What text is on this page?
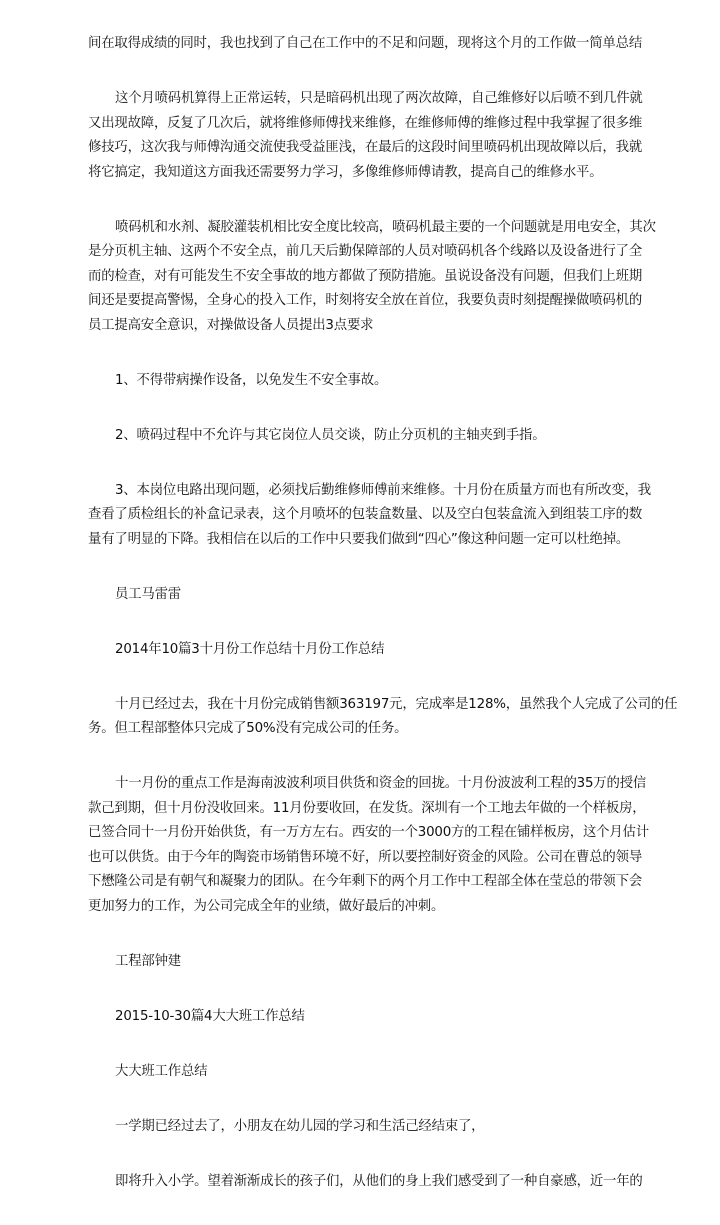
间在取得成绩的同时，我也找到了自己在工作中的不足和问题，现将这个月的工作做一简单总结
这个月喷码机算得上正常运转，只是暗码机出现了两次故障，自己维修好以后喷不到几件就
又出现故障，反复了几次后，就将维修师傅找来维修，在维修师傅的维修过程中我掌握了很多维
修技巧，这次我与师傅沟通交流使我受益匪浅，在最后的这段时间里喷码机出现故障以后，我就
将它搞定，我知道这方面我还需要努力学习，多像维修师傅请教，提高自己的维修水平。
喷码机和水剂、凝胶灌装机相比安全度比较高，喷码机最主要的一个问题就是用电安全，其次
是分页机主轴、这两个不安全点，前几天后勤保障部的人员对喷码机各个线路以及设备进行了全
而的检查，对有可能发生不安全事故的地方都做了预防措施。虽说设备没有问题，但我们上班期
间还是要提高警惕，全身心的投入工作，时刻将安全放在首位，我要负责时刻提醒操做喷码机的
员工提高安全意识，对操做设备人员提出3点要求
1、不得带病操作设备，以免发生不安全事故。
2、喷码过程中不允许与其它岗位人员交谈，防止分页机的主轴夹到手指。
3、本岗位电路出现问题，必须找后勤维修师傅前来维修。十月份在质量方而也有所改变，我
查看了质检组长的补盒记录表，这个月喷坏的包装盒数量、以及空白包装盒流入到组装工序的数
量有了明显的下降。我相信在以后的工作中只要我们做到“四心”像这种问题一定可以杜绝掉。
员工马雷雷
2014年10篇3十月份工作总结十月份工作总结
十月已经过去，我在十月份完成销售额363197元，完成率是128%，虽然我个人完成了公司的任
务。但工程部整体只完成了50%没有完成公司的任务。
十一月份的重点工作是海南波波利项目供货和资金的回拢。十月份波波利工程的35万的授信
款己到期，但十月份没收回来。11月份要收回，在发货。深圳有一个工地去年做的一个样板房，
已签合同十一月份开始供货，有一万方左右。西安的一个3000方的工程在铺样板房，这个月估计
也可以供货。由于今年的陶瓷市场销售环境不好，所以要控制好资金的风险。公司在曹总的领导
下懋隆公司是有朝气和凝聚力的团队。在今年剩下的两个月工作中工程部全体在莹总的带领下会
更加努力的工作，为公司完成全年的业绩，做好最后的冲刺。
工程部钟建
2015-10-30篇4大大班工作总结
大大班工作总结
一学期已经过去了，小朋友在幼儿园的学习和生活己经结束了，
即将升入小学。望着渐渐成长的孩子们，从他们的身上我们感受到了一种自豪感，近一年的
